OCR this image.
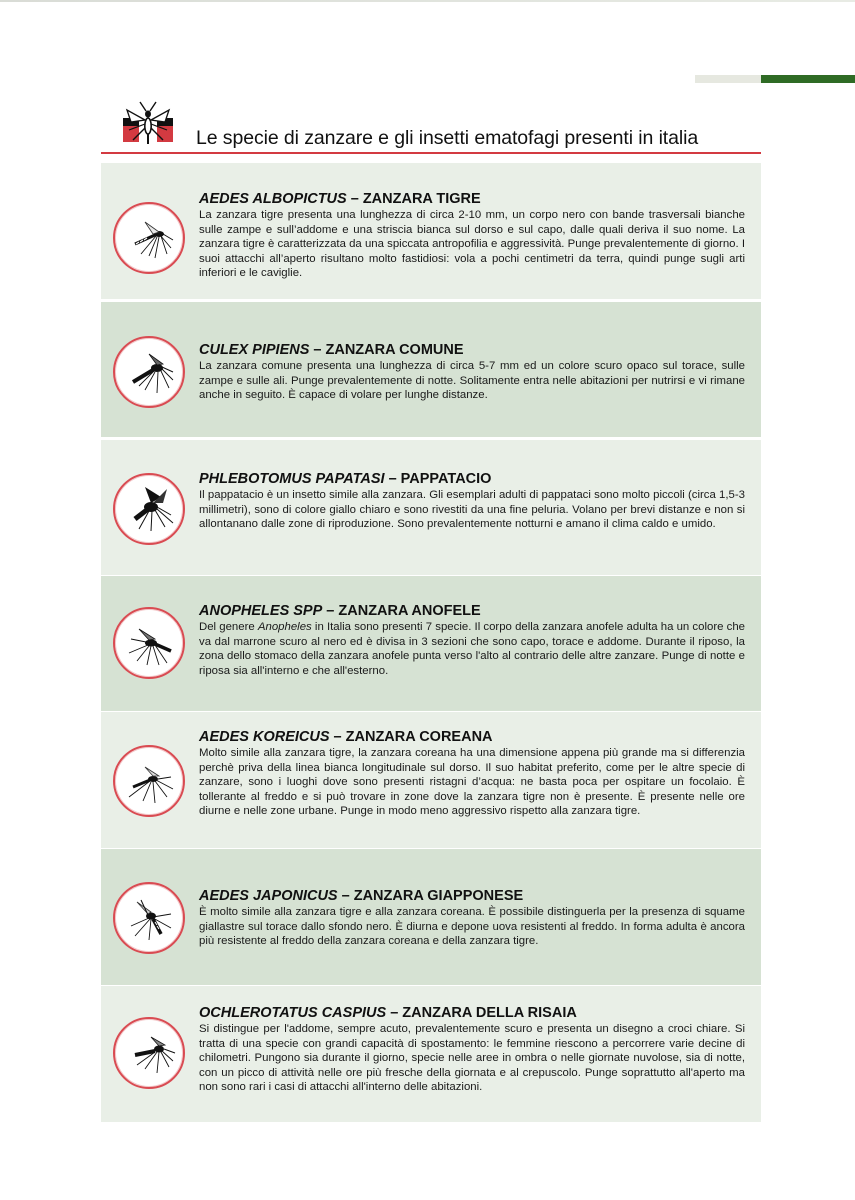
Le specie di zanzare e gli insetti ematofagi presenti in italia
AEDES ALBOPICTUS – ZANZARA TIGRE
La zanzara tigre presenta una lunghezza di circa 2-10 mm, un corpo nero con bande trasversali bianche sulle zampe e sull’addome e una striscia bianca sul dorso e sul capo, dalle quali deriva il suo nome. La zanzara tigre è caratterizzata da una spiccata antropofilia e aggressività. Punge prevalentemente di giorno. I suoi attacchi all’aperto risultano molto fastidiosi: vola a pochi centimetri da terra, quindi punge sugli arti inferiori e le caviglie.
CULEX PIPIENS – ZANZARA COMUNE
La zanzara comune presenta una lunghezza di circa 5-7 mm ed un colore scuro opaco sul torace, sulle zampe e sulle ali. Punge prevalentemente di notte. Solitamente entra nelle abitazioni per nutrirsi e vi rimane anche in seguito. È capace di volare per lunghe distanze.
PHLEBOTOMUS PAPATASI – PAPPATACIO
Il pappatacio è un insetto simile alla zanzara. Gli esemplari adulti di pappataci sono molto piccoli (circa 1,5-3 millimetri), sono di colore giallo chiaro e sono rivestiti da una fine peluria. Volano per brevi distanze e non si allontanano dalle zone di riproduzione. Sono prevalentemente notturni e amano il clima caldo e umido.
ANOPHELES SPP – ZANZARA ANOFELE
Del genere Anopheles in Italia sono presenti 7 specie. Il corpo della zanzara anofele adulta ha un colore che va dal marrone scuro al nero ed è divisa in 3 sezioni che sono capo, torace e addome. Durante il riposo, la zona dello stomaco della zanzara anofele punta verso l'alto al contrario delle altre zanzare. Punge di notte e riposa sia all'interno e che all'esterno.
AEDES KOREICUS – ZANZARA COREANA
Molto simile alla zanzara tigre, la zanzara coreana ha una dimensione appena più grande ma si differenzia perchè priva della linea bianca longitudinale sul dorso. Il suo habitat preferito, come per le altre specie di zanzare, sono i luoghi dove sono presenti ristagni d’acqua: ne basta poca per ospitare un focolaio. È tollerante al freddo e si può trovare in zone dove la zanzara tigre non è presente. È presente nelle ore diurne e nelle zone urbane. Punge in modo meno aggressivo rispetto alla zanzara tigre.
AEDES JAPONICUS – ZANZARA GIAPPONESE
È molto simile alla zanzara tigre e alla zanzara coreana. È possibile distinguerla per la presenza di squame giallastre sul torace dallo sfondo nero. È diurna e depone uova resistenti al freddo. In forma adulta è ancora più resistente al freddo della zanzara coreana e della zanzara tigre.
OCHLEROTATUS CASPIUS – ZANZARA DELLA RISAIA
Si distingue per l'addome, sempre acuto, prevalentemente scuro e presenta un disegno a croci chiare. Si tratta di una specie con grandi capacità di spostamento: le femmine riescono a percorrere varie decine di chilometri. Pungono sia durante il giorno, specie nelle aree in ombra o nelle giornate nuvolose, sia di notte, con un picco di attività nelle ore più fresche della giornata e al crepuscolo. Punge soprattutto all'aperto ma non sono rari i casi di attacchi all'interno delle abitazioni.
